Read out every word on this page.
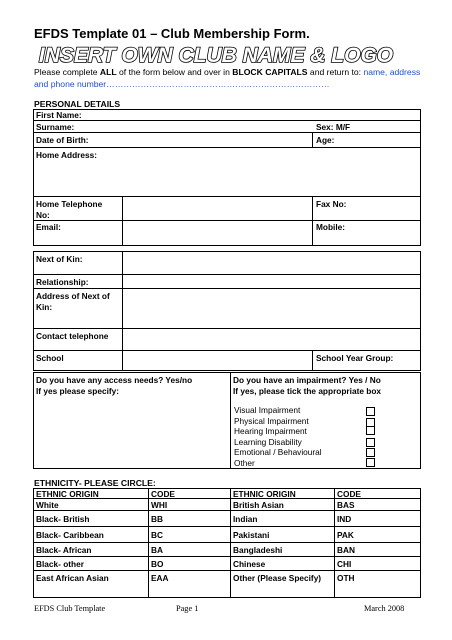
EFDS Template 01 – Club Membership Form.
INSERT OWN CLUB NAME & LOGO
Please complete ALL of the form below and over in BLOCK CAPITALS and return to: name, address and phone number……………………………………………………………………
PERSONAL DETAILS
First Name:
Surname:	Sex: M/F
Date of Birth:	Age:
Home Address:
Home Telephone
No:
Fax No:
Email:	Mobile:
Next of Kin:
Relationship:
Address of Next of
Kin:
Contact telephone
School	School Year Group:
Do you have any access needs? Yes/no
If yes please specify:
Do you have an impairment? Yes / No
If yes, please tick the appropriate box
Visual Impairment
Physical Impairment
Hearing Impairment
Learning Disability
Emotional / Behavioural
Other
ETHNICITY- PLEASE CIRCLE:
ETHNIC ORIGIN	CODE	ETHNIC ORIGIN	CODE
White	WHI	British Asian	BAS
Black- British	BB	Indian	IND
Black- Caribbean	BC	Pakistani	PAK
Black- African	BA	Bangladeshi	BAN
Black- other	BO	Chinese	CHI
East African Asian	EAA	Other (Please Specify)	OTH
EFDS Club Template	Page 1	March 2008
